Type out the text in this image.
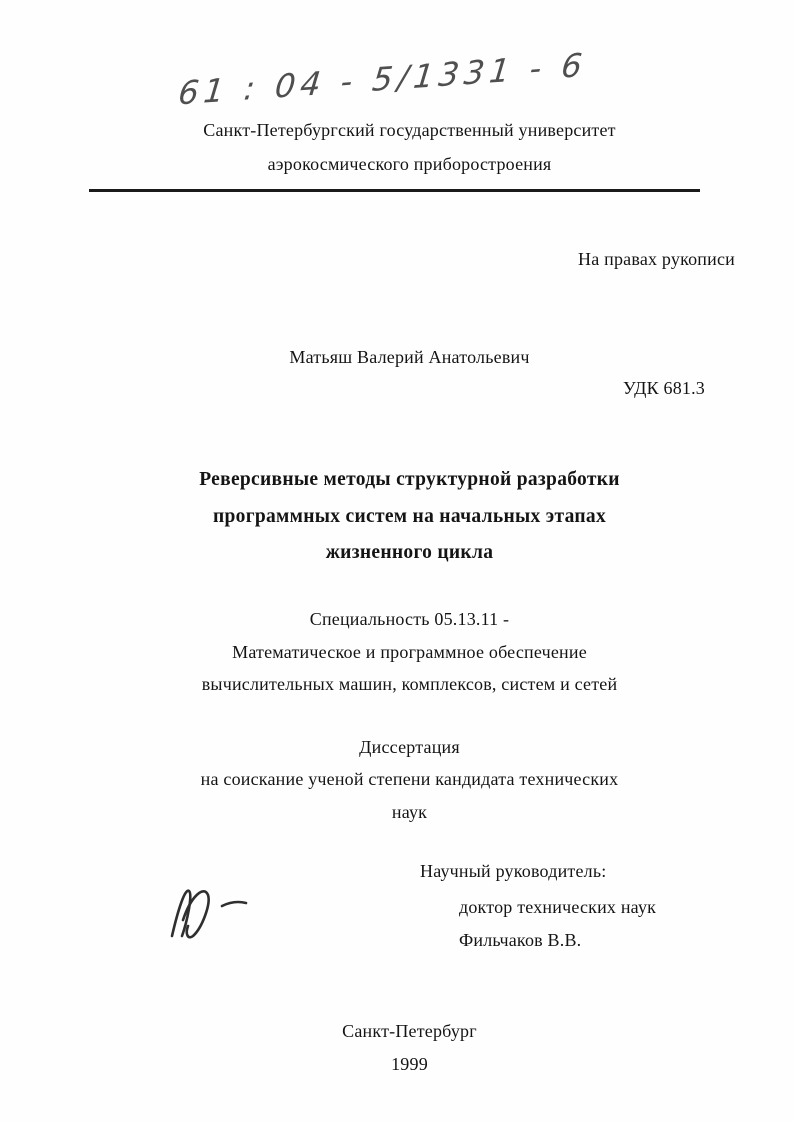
61 : 04 - 5/1331 - 6
Санкт-Петербургский государственный университет
аэрокосмического приборостроения
На правах рукописи
Матьяш Валерий Анатольевич
УДК 681.3
Реверсивные методы структурной разработки
программных систем на начальных этапах
жизненного цикла
Специальность 05.13.11 -
Математическое и программное обеспечение
вычислительных машин, комплексов, систем и сетей
Диссертация
на соискание ученой степени кандидата технических
наук
Научный руководитель:
доктор технических наук
Фильчаков В.В.
Санкт-Петербург
1999
